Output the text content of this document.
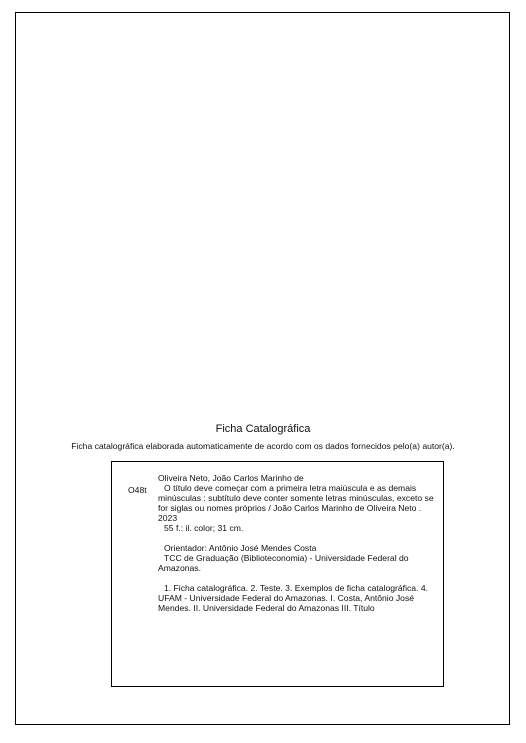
Ficha Catalográfica
Ficha catalográfica elaborada automaticamente de acordo com os dados fornecidos pelo(a) autor(a).
O48t

Oliveira Neto, João Carlos Marinho de

O título deve começar com a primeira letra maiúscula e as demais minúsculas : subtítulo deve conter somente letras minúsculas, exceto se for siglas ou nomes próprios / João Carlos Marinho de Oliveira Neto . 2023

55 f.: il. color; 31 cm.

Orientador: Antônio José Mendes Costa

TCC de Graduação (Biblioteconomia) - Universidade Federal do Amazonas.

1. Ficha catalográfica. 2. Teste. 3. Exemplos de ficha catalográfica. 4. UFAM - Universidade Federal do Amazonas. I. Costa, Antônio José Mendes. II. Universidade Federal do Amazonas III. Título
